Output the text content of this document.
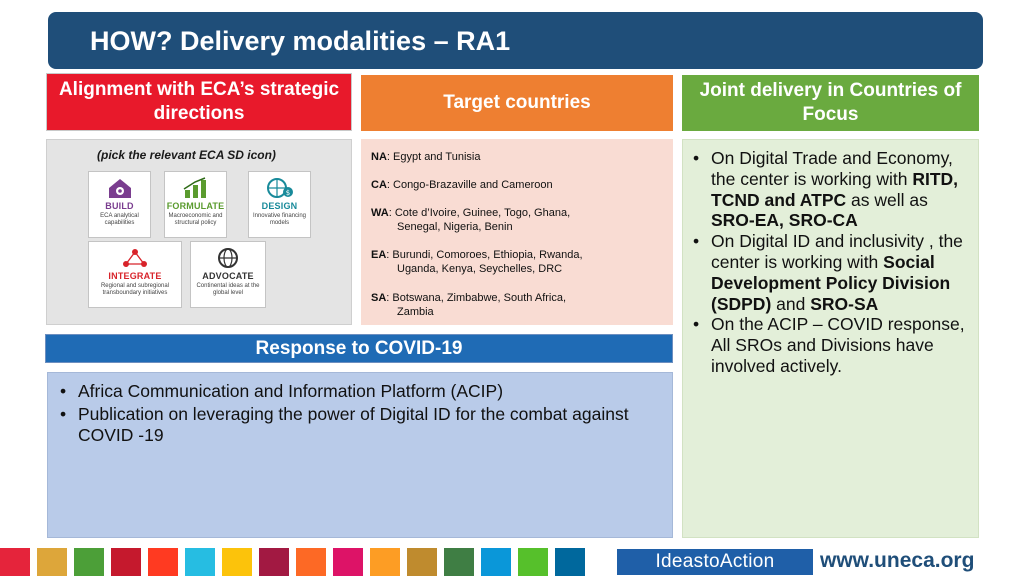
HOW? Delivery modalities – RA1
Alignment with ECA’s strategic directions
Target countries
Joint delivery in Countries of Focus
(pick the relevant ECA SD icon)
BUILD
ECA analytical capabilities
FORMULATE
Macroeconomic and structural policy
$
DESIGN
Innovative financing models
INTEGRATE
Regional and subregional transboundary initiatives
ADVOCATE
Continental ideas at the global level
NA: Egypt and Tunisia
CA: Congo-Brazaville and Cameroon
WA: Cote d’Ivoire, Guinee, Togo, Ghana,
Senegal, Nigeria, Benin
EA: Burundi, Comoroes, Ethiopia, Rwanda,
Uganda, Kenya, Seychelles, DRC
SA: Botswana, Zimbabwe, South Africa,
Zambia
Response to COVID-19
• Africa Communication and Information Platform (ACIP)
• Publication on leveraging the power of Digital ID for the combat against COVID -19
• On Digital Trade and Economy, the center is working with RITD, TCND and ATPC as well as SRO-EA, SRO-CA
• On Digital ID and inclusivity , the center is working with Social Development Policy Division (SDPD) and SRO-SA
• On the ACIP – COVID response, All SROs and Divisions have involved actively.
IdeastoAction	www.uneca.org
